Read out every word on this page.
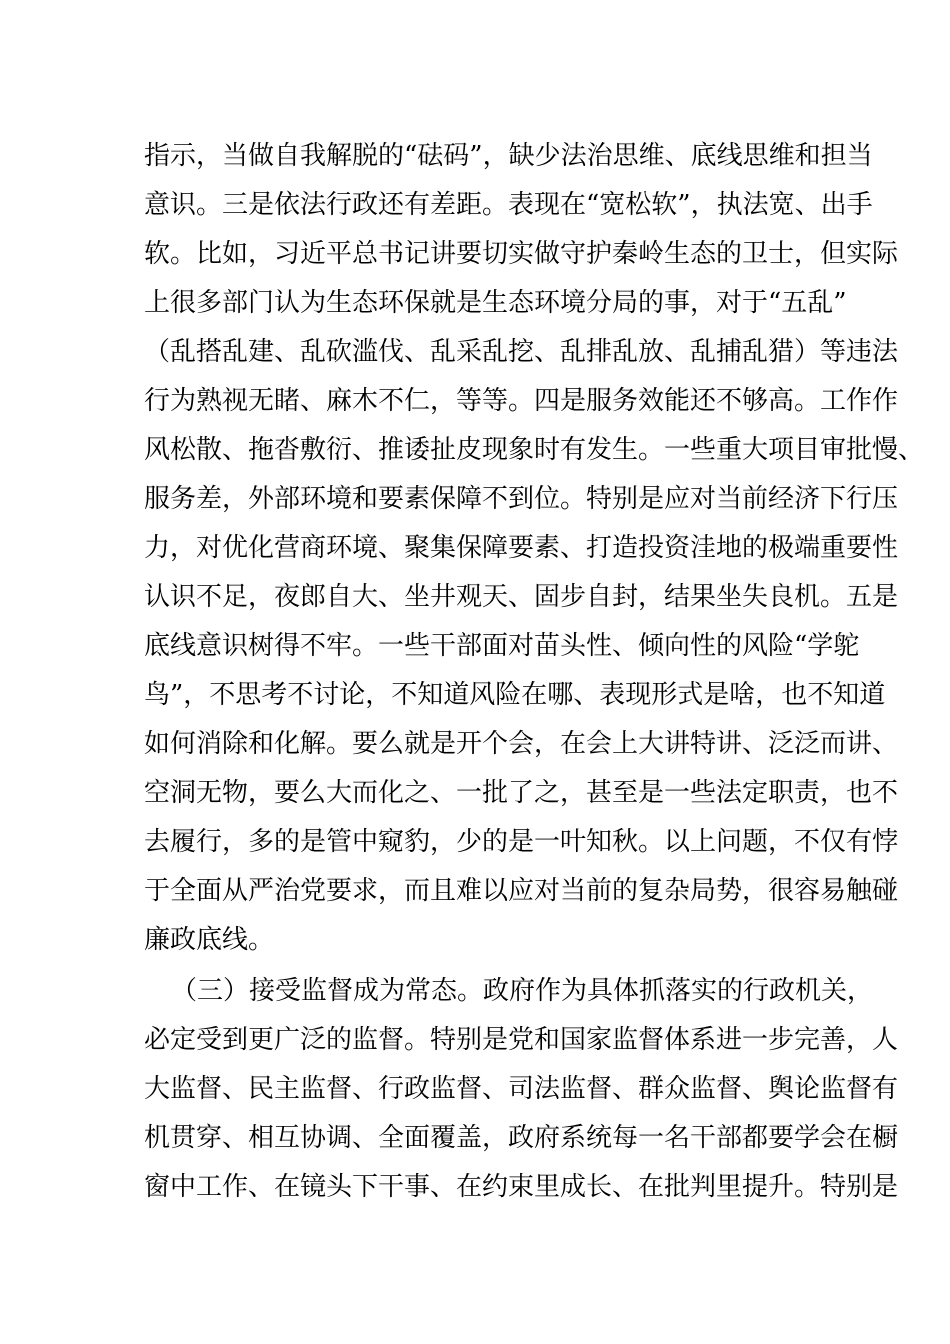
指示，当做自我解脱的“砝码”，缺少法治思维、底线思维和担当
意识。三是依法行政还有差距。表现在“宽松软”，执法宽、出手
软。比如，习近平总书记讲要切实做守护秦岭生态的卫士，但实际
上很多部门认为生态环保就是生态环境分局的事，对于“五乱”
（乱搭乱建、乱砍滥伐、乱采乱挖、乱排乱放、乱捕乱猎）等违法
行为熟视无睹、麻木不仁，等等。四是服务效能还不够高。工作作
风松散、拖沓敷衍、推诿扯皮现象时有发生。一些重大项目审批慢、
服务差，外部环境和要素保障不到位。特别是应对当前经济下行压
力，对优化营商环境、聚集保障要素、打造投资洼地的极端重要性
认识不足，夜郎自大、坐井观天、固步自封，结果坐失良机。五是
底线意识树得不牢。一些干部面对苗头性、倾向性的风险“学鸵
鸟”，不思考不讨论，不知道风险在哪、表现形式是啥，也不知道
如何消除和化解。要么就是开个会，在会上大讲特讲、泛泛而讲、
空洞无物，要么大而化之、一批了之，甚至是一些法定职责，也不
去履行，多的是管中窥豹，少的是一叶知秋。以上问题，不仅有悖
于全面从严治党要求，而且难以应对当前的复杂局势，很容易触碰
廉政底线。
（三）接受监督成为常态。政府作为具体抓落实的行政机关，
必定受到更广泛的监督。特别是党和国家监督体系进一步完善，人
大监督、民主监督、行政监督、司法监督、群众监督、舆论监督有
机贯穿、相互协调、全面覆盖，政府系统每一名干部都要学会在橱
窗中工作、在镜头下干事、在约束里成长、在批判里提升。特别是
